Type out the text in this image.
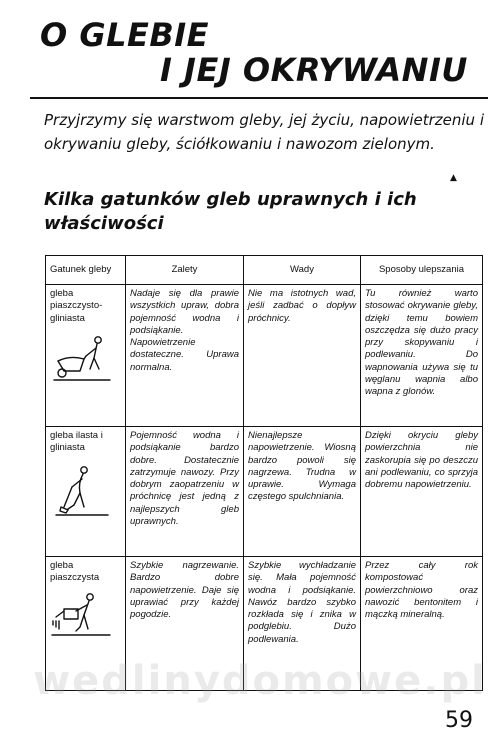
O GLEBIE
I JEJ OKRYWANIU

Przyjrzymy się warstwom gleby, jej życiu, napowietrzeniu i okrywaniu gleby, ściółkowaniu i nawozom zielonym.
▲

Kilka gatunków gleb uprawnych i ich właściwości
Gatunek gleby	Zalety	Wady	Sposoby ulepszania
gleba piaszczysto-gliniasta	Nadaje się dla prawie wszystkich upraw, dobra pojemność wodna i podsiąkanie. Napowietrzenie dostateczne. Uprawa normalna.	Nie ma istotnych wad, jeśli zadbać o dopływ próchnicy.	Tu również warto stosować okrywanie gleby, dzięki temu bowiem oszczędza się dużo pracy przy skopywaniu i podlewaniu. Do wapnowania używa się tu węglanu wapnia albo wapna z glonów.
gleba ilasta i gliniasta	Pojemność wodna i podsiąkanie bardzo dobre. Dostatecznie zatrzymuje nawozy. Przy dobrym zaopatrzeniu w próchnicę jest jedną z najlepszych gleb uprawnych.	Nienajlepsze napowietrzenie. Wiosną bardzo powoli się nagrzewa. Trudna w uprawie. Wymaga częstego spulchniania.	Dzięki okryciu gleby powierzchnia nie zaskorupia się po deszczu ani podlewaniu, co sprzyja dobremu napowietrzeniu.
gleba piaszczysta	Szybkie nagrzewanie. Bardzo dobre napowietrzenie. Daje się uprawiać przy każdej pogodzie.	Szybkie wychładzanie się. Mała pojemność wodna i podsiąkanie. Nawóz bardzo szybko rozkłada się i znika w podglebiu. Dużo podlewania.	Przez cały rok kompostować powierzchniowo oraz nawozić bentonitem i mączką mineralną.
wedlinydomowe.pl
59
